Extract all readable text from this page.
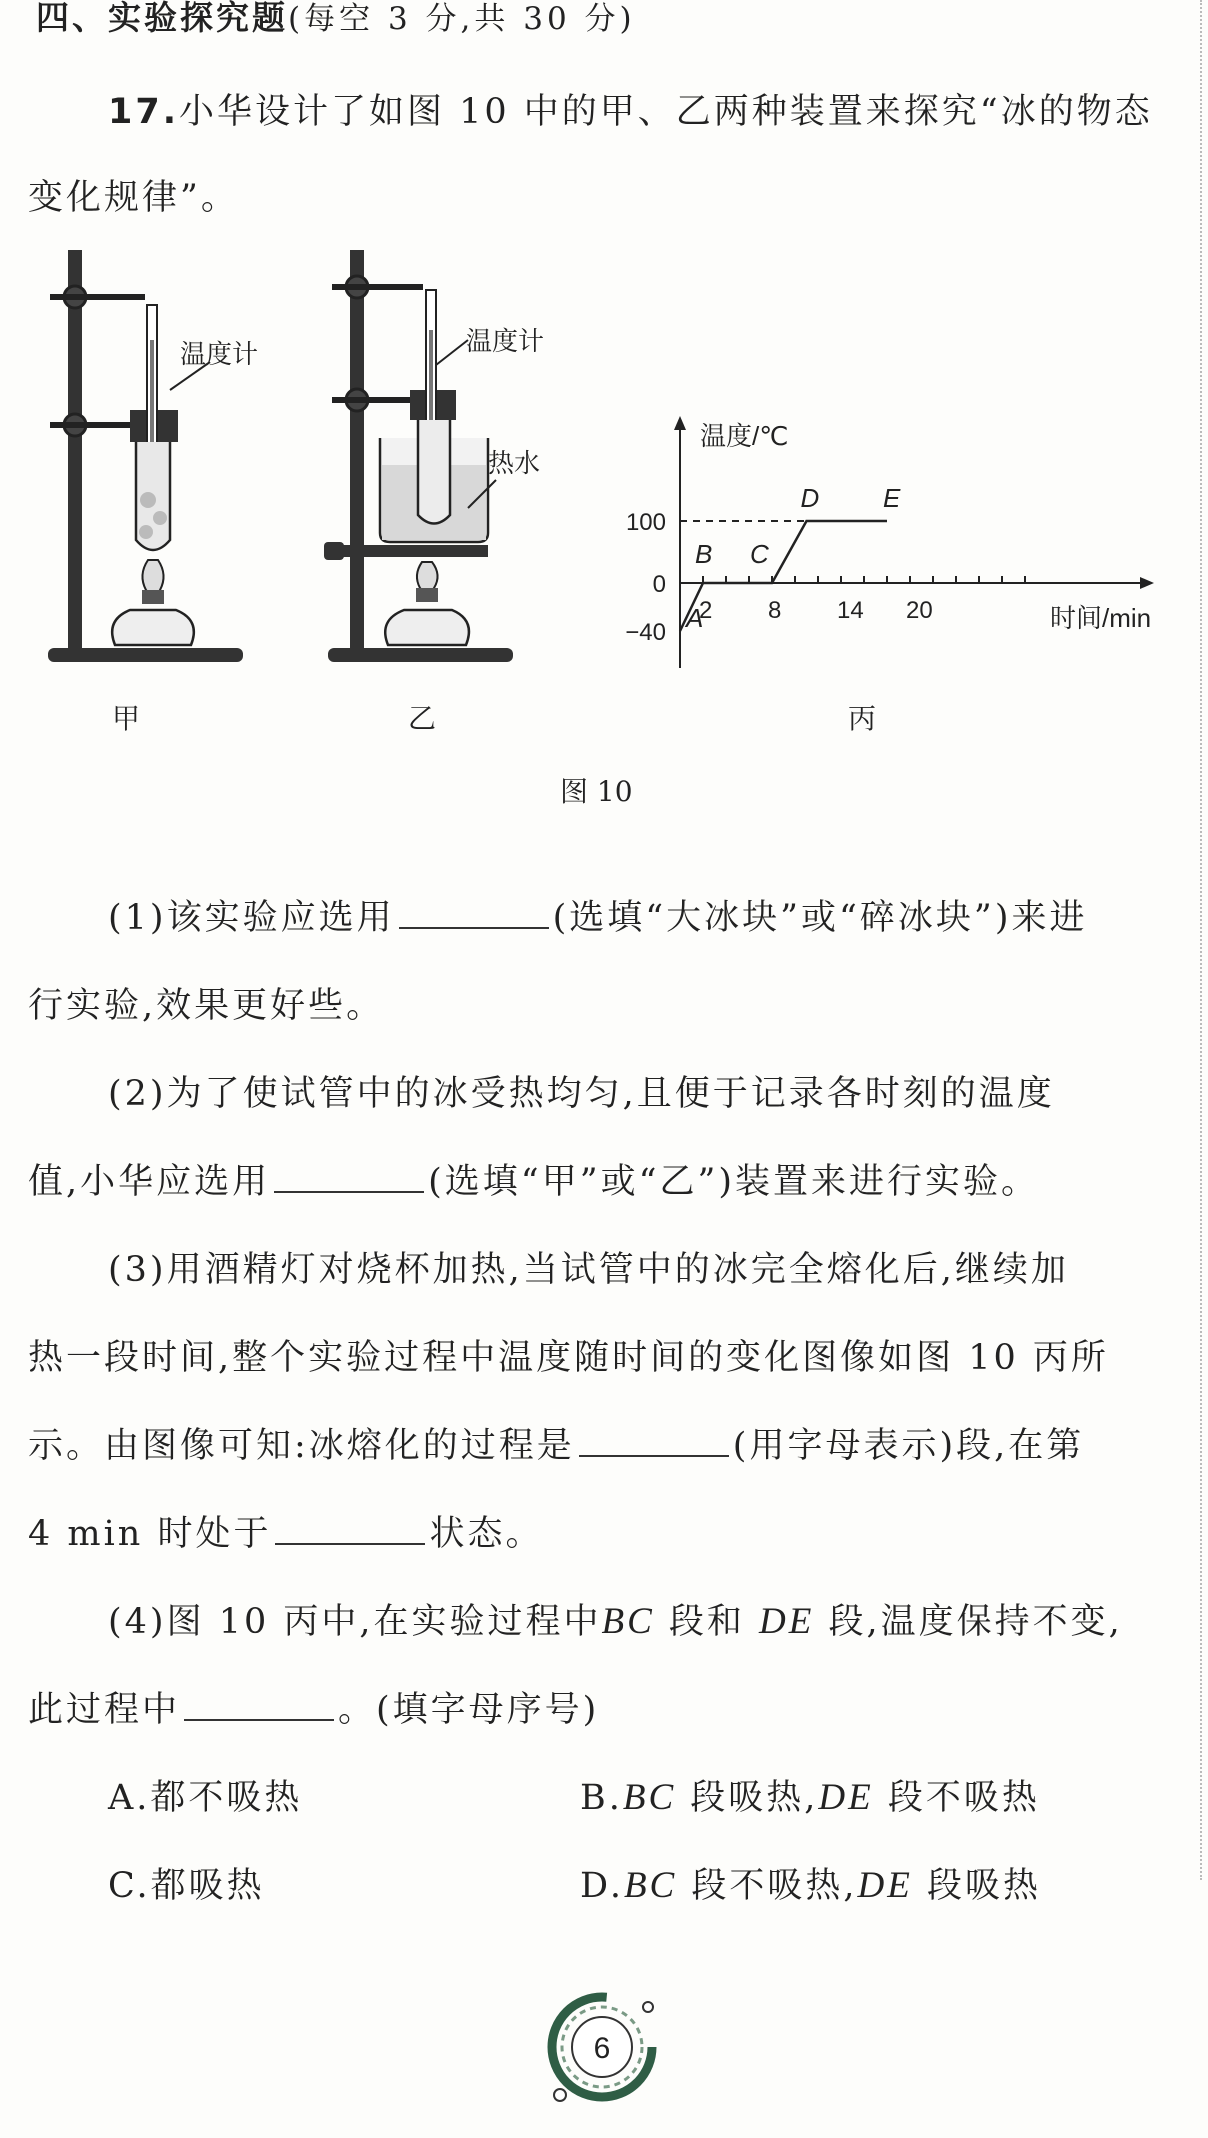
四、实验探究题(每空 3 分,共 30 分)
17.小华设计了如图 10 中的甲、乙两种装置来探究“冰的物态
变化规律”。
温度计
甲
温度计
热水
乙
温度/℃
时间/min
2 8 14 20
−40
0
100
A
B C
D E
丙
图 10
(1)该实验应选用	(选填“大冰块”或“碎冰块”)来进
行实验,效果更好些。
(2)为了使试管中的冰受热均匀,且便于记录各时刻的温度
值,小华应选用	(选填“甲”或“乙”)装置来进行实验。
(3)用酒精灯对烧杯加热,当试管中的冰完全熔化后,继续加
热一段时间,整个实验过程中温度随时间的变化图像如图 10 丙所
示。由图像可知:冰熔化的过程是	(用字母表示)段,在第
4 min 时处于	状态。
(4)图 10 丙中,在实验过程中BC 段和 DE 段,温度保持不变,
此过程中	。(填字母序号)
A.都不吸热	B.BC 段吸热,DE 段不吸热
C.都吸热	D.BC 段不吸热,DE 段吸热
6
